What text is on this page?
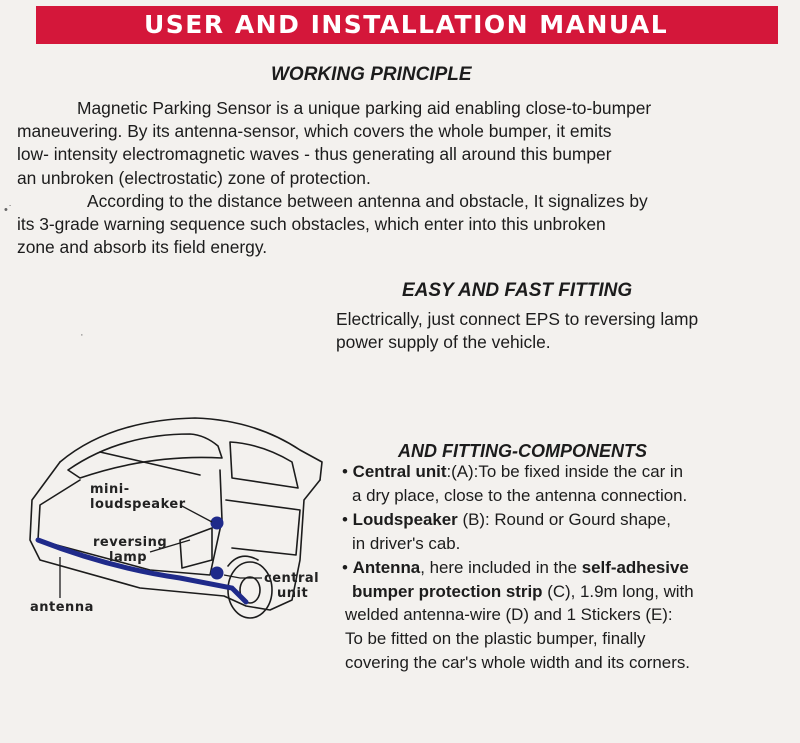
USER AND INSTALLATION MANUAL
WORKING PRINCIPLE

Magnetic Parking Sensor is a unique parking aid enabling close-to-bumper

maneuvering. By its antenna-sensor, which covers the whole bumper, it emits

low- intensity electromagnetic waves - thus generating all around this bumper

an unbroken (electrostatic) zone of protection.

According to the distance between antenna and obstacle, It signalizes by

its 3-grade warning sequence such obstacles, which enter into this unbroken

zone and absorb its field energy.

• ˙
·
EASY AND FAST FITTING

Electrically, just connect EPS to reversing lamp

power supply of the vehicle.

AND FITTING-COMPONENTS
• Central unit:(A):To be fixed inside the car in
a dry place, close to the antenna connection.
• Loudspeaker (B): Round or Gourd shape,
in driver's cab.
• Antenna, here included in the self-adhesive
bumper protection strip (C), 1.9m long, with
welded antenna-wire (D) and 1 Stickers (E):
To be fitted on the plastic bumper, finally
covering the car's whole width and its corners.
mini-
loudspeaker
reversing
lamp
central
unit
antenna
